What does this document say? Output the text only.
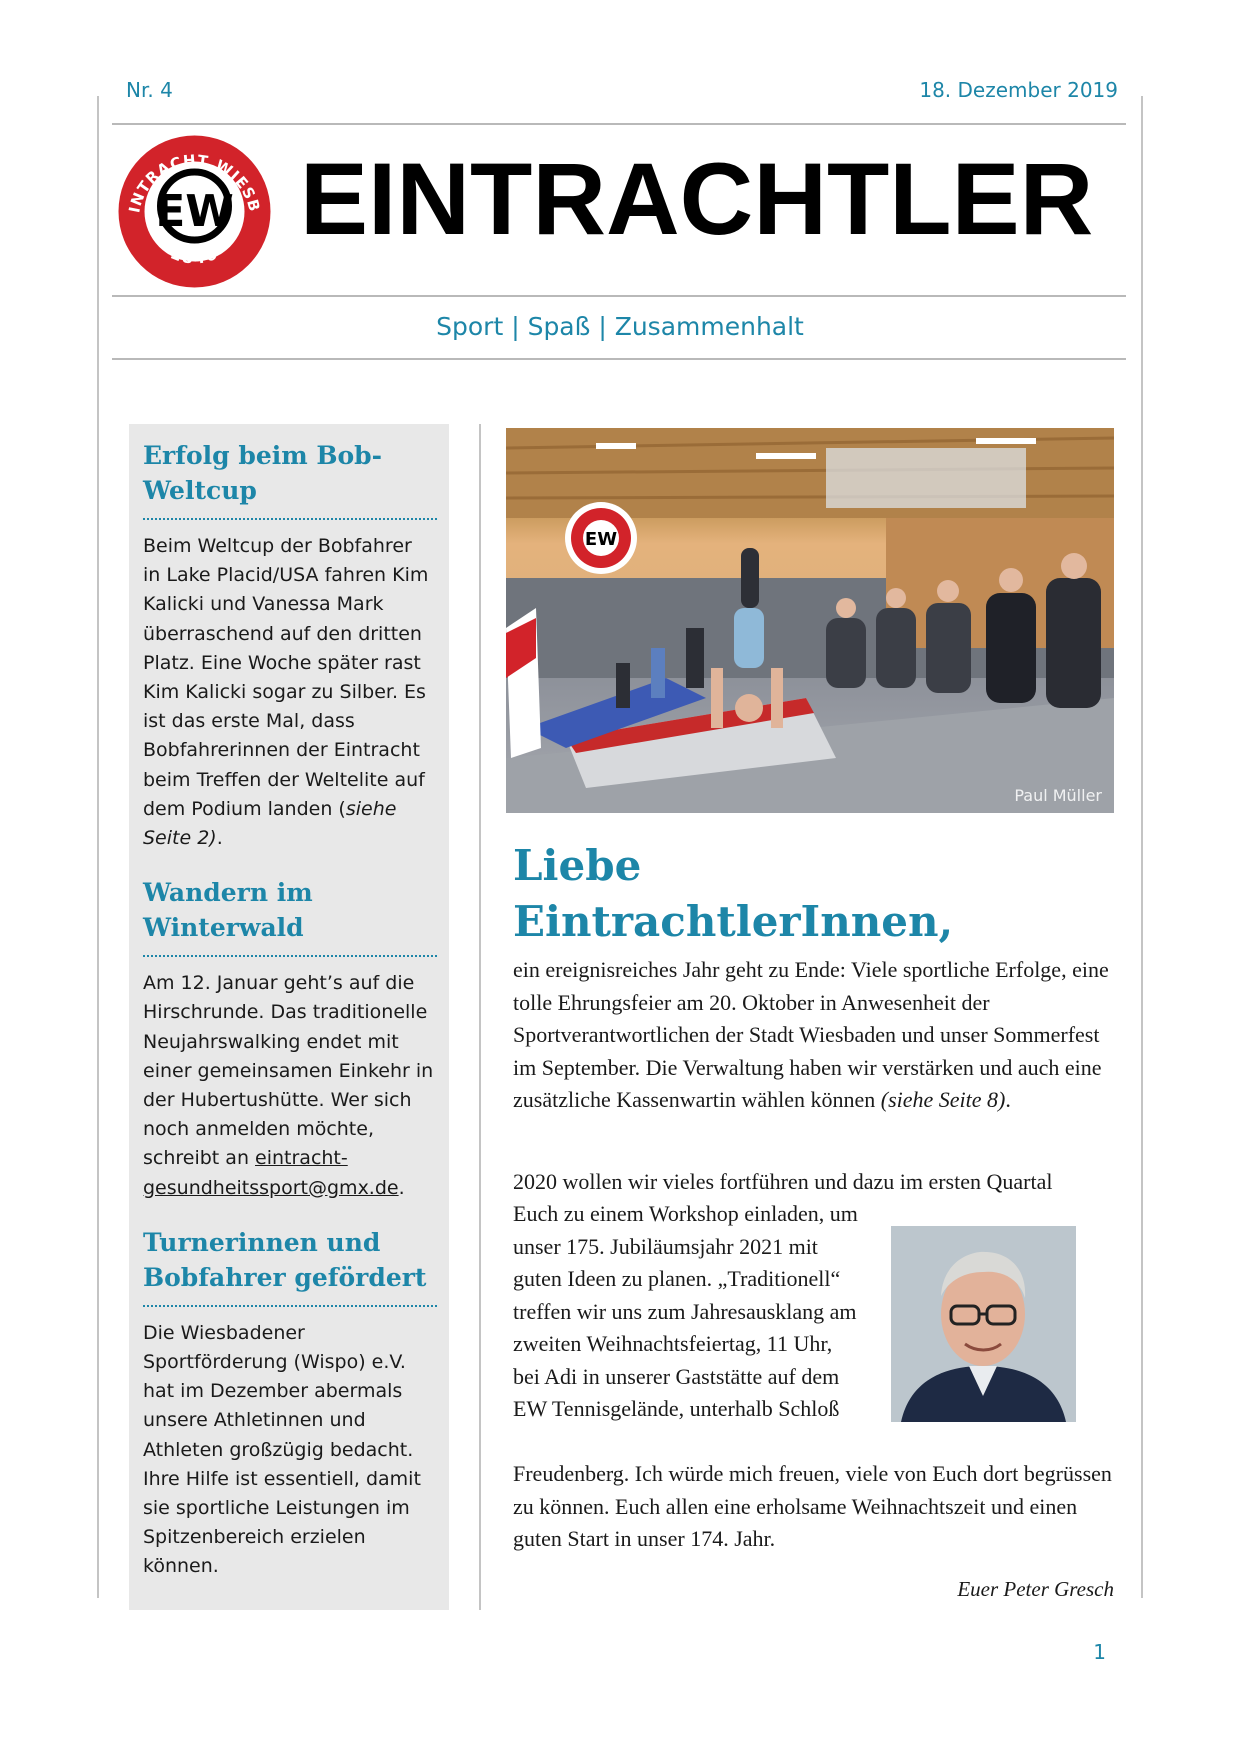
Nr. 4	18. Dezember 2019
INTRACHT WIESB
1846
EW EINTRACHTLER
Sport | Spaß | Zusammenhalt
Erfolg beim Bob-Weltcup

Beim Weltcup der Bobfahrer in Lake Placid/USA fahren Kim Kalicki und Vanessa Mark überraschend auf den dritten Platz. Eine Woche später rast Kim Kalicki sogar zu Silber. Es ist das erste Mal, dass Bobfahrerinnen der Eintracht beim Treffen der Weltelite auf dem Podium landen (siehe Seite 2).

Wandern im Winterwald

Am 12. Januar geht’s auf die Hirschrunde. Das traditionelle Neujahrswalking endet mit einer gemeinsamen Einkehr in der Hubertushütte. Wer sich noch anmelden möchte, schreibt an eintracht-gesundheitssport@gmx.de.

Turnerinnen und Bobfahrer gefördert

Die Wiesbadener Sportförderung (Wispo) e.V. hat im Dezember abermals unsere Athletinnen und Athleten großzügig bedacht. Ihre Hilfe ist essentiell, damit sie sportliche Leistungen im Spitzenbereich erzielen können.

EW
Paul Müller
Liebe
EintrachtlerInnen,
ein ereignisreiches Jahr geht zu Ende: Viele sportliche Erfolge, eine tolle Ehrungsfeier am 20. Oktober in Anwesenheit der Sportverantwortlichen der Stadt Wiesbaden und unser Sommerfest im September. Die Verwaltung haben wir verstärken und auch eine zusätzliche Kassenwartin wählen können (siehe Seite 8).
2020 wollen wir vieles fortführen und dazu im ersten Quartal
Euch zu einem Workshop einladen, um unser 175. Jubiläumsjahr 2021 mit guten Ideen zu planen. „Traditionell“ treffen wir uns zum Jahresausklang am zweiten Weihnachtsfeiertag, 11 Uhr, bei Adi in unserer Gaststätte auf dem EW Tennisgelände, unterhalb Schloß
Freudenberg. Ich würde mich freuen, viele von Euch dort begrüssen zu können. Euch allen eine erholsame Weihnachtszeit und einen guten Start in unser 174. Jahr.
Euer Peter Gresch
1
